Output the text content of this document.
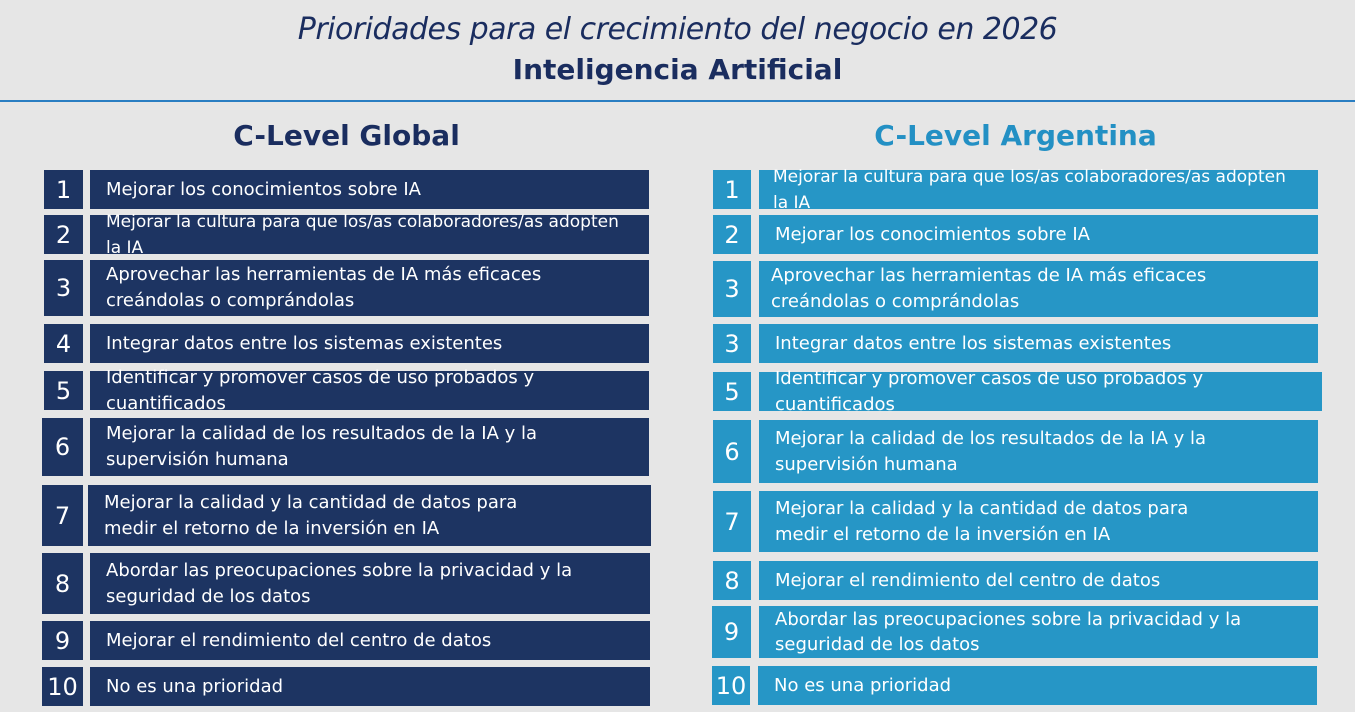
Prioridades para el crecimiento del negocio en 2026
Inteligencia Artificial
C-Level Global	C-Level Argentina
1	Mejorar los conocimientos sobre IA
2	Mejorar la cultura para que los/as colaboradores/as adopten la IA
3	Aprovechar las herramientas de IA más eficaces creándolas o comprándolas
4	Integrar datos entre los sistemas existentes
5	Identificar y promover casos de uso probados y cuantificados
6	Mejorar la calidad de los resultados de la IA y la supervisión humana
7	Mejorar la calidad y la cantidad de datos para medir el retorno de la inversión en IA
8	Abordar las preocupaciones sobre la privacidad y la seguridad de los datos
9	Mejorar el rendimiento del centro de datos
10	No es una prioridad
1	Mejorar la cultura para que los/as colaboradores/as adopten la IA
2	Mejorar los conocimientos sobre IA
3	Aprovechar las herramientas de IA más eficaces creándolas o comprándolas
3	Integrar datos entre los sistemas existentes
5	Identificar y promover casos de uso probados y cuantificados
6	Mejorar la calidad de los resultados de la IA y la supervisión humana
7	Mejorar la calidad y la cantidad de datos para medir el retorno de la inversión en IA
8	Mejorar el rendimiento del centro de datos
9	Abordar las preocupaciones sobre la privacidad y la seguridad de los datos
10	No es una prioridad
